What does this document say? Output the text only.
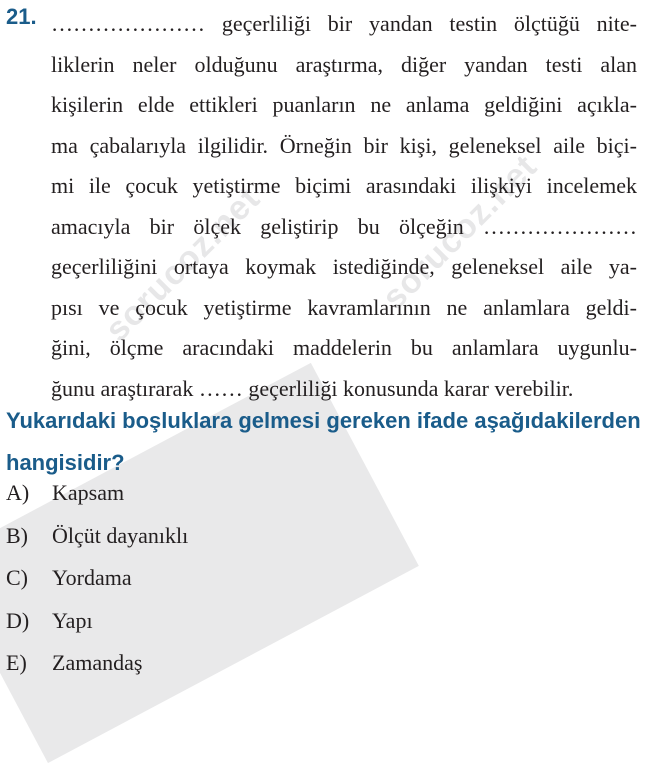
sorucoz.net	sorucoz.net
21. ………………… geçerliliği bir yandan testin ölçtüğü nite-
liklerin neler olduğunu araştırma, diğer yandan testi alan
kişilerin elde ettikleri puanların ne anlama geldiğini açıkla-
ma çabalarıyla ilgilidir. Örneğin bir kişi, geleneksel aile biçi-
mi ile çocuk yetiştirme biçimi arasındaki ilişkiyi incelemek
amacıyla bir ölçek geliştirip bu ölçeğin …………………
geçerliliğini ortaya koymak istediğinde, geleneksel aile ya-
pısı ve çocuk yetiştirme kavramlarının ne anlamlara geldi-
ğini, ölçme aracındaki maddelerin bu anlamlara uygunlu-
ğunu araştırarak …… geçerliliği konusunda karar verebilir.
Yukarıdaki boşluklara gelmesi gereken ifade aşağıdakilerden
hangisidir?
A)	Kapsam
B)	Ölçüt dayanıklı
C)	Yordama
D)	Yapı
E)	Zamandaş
